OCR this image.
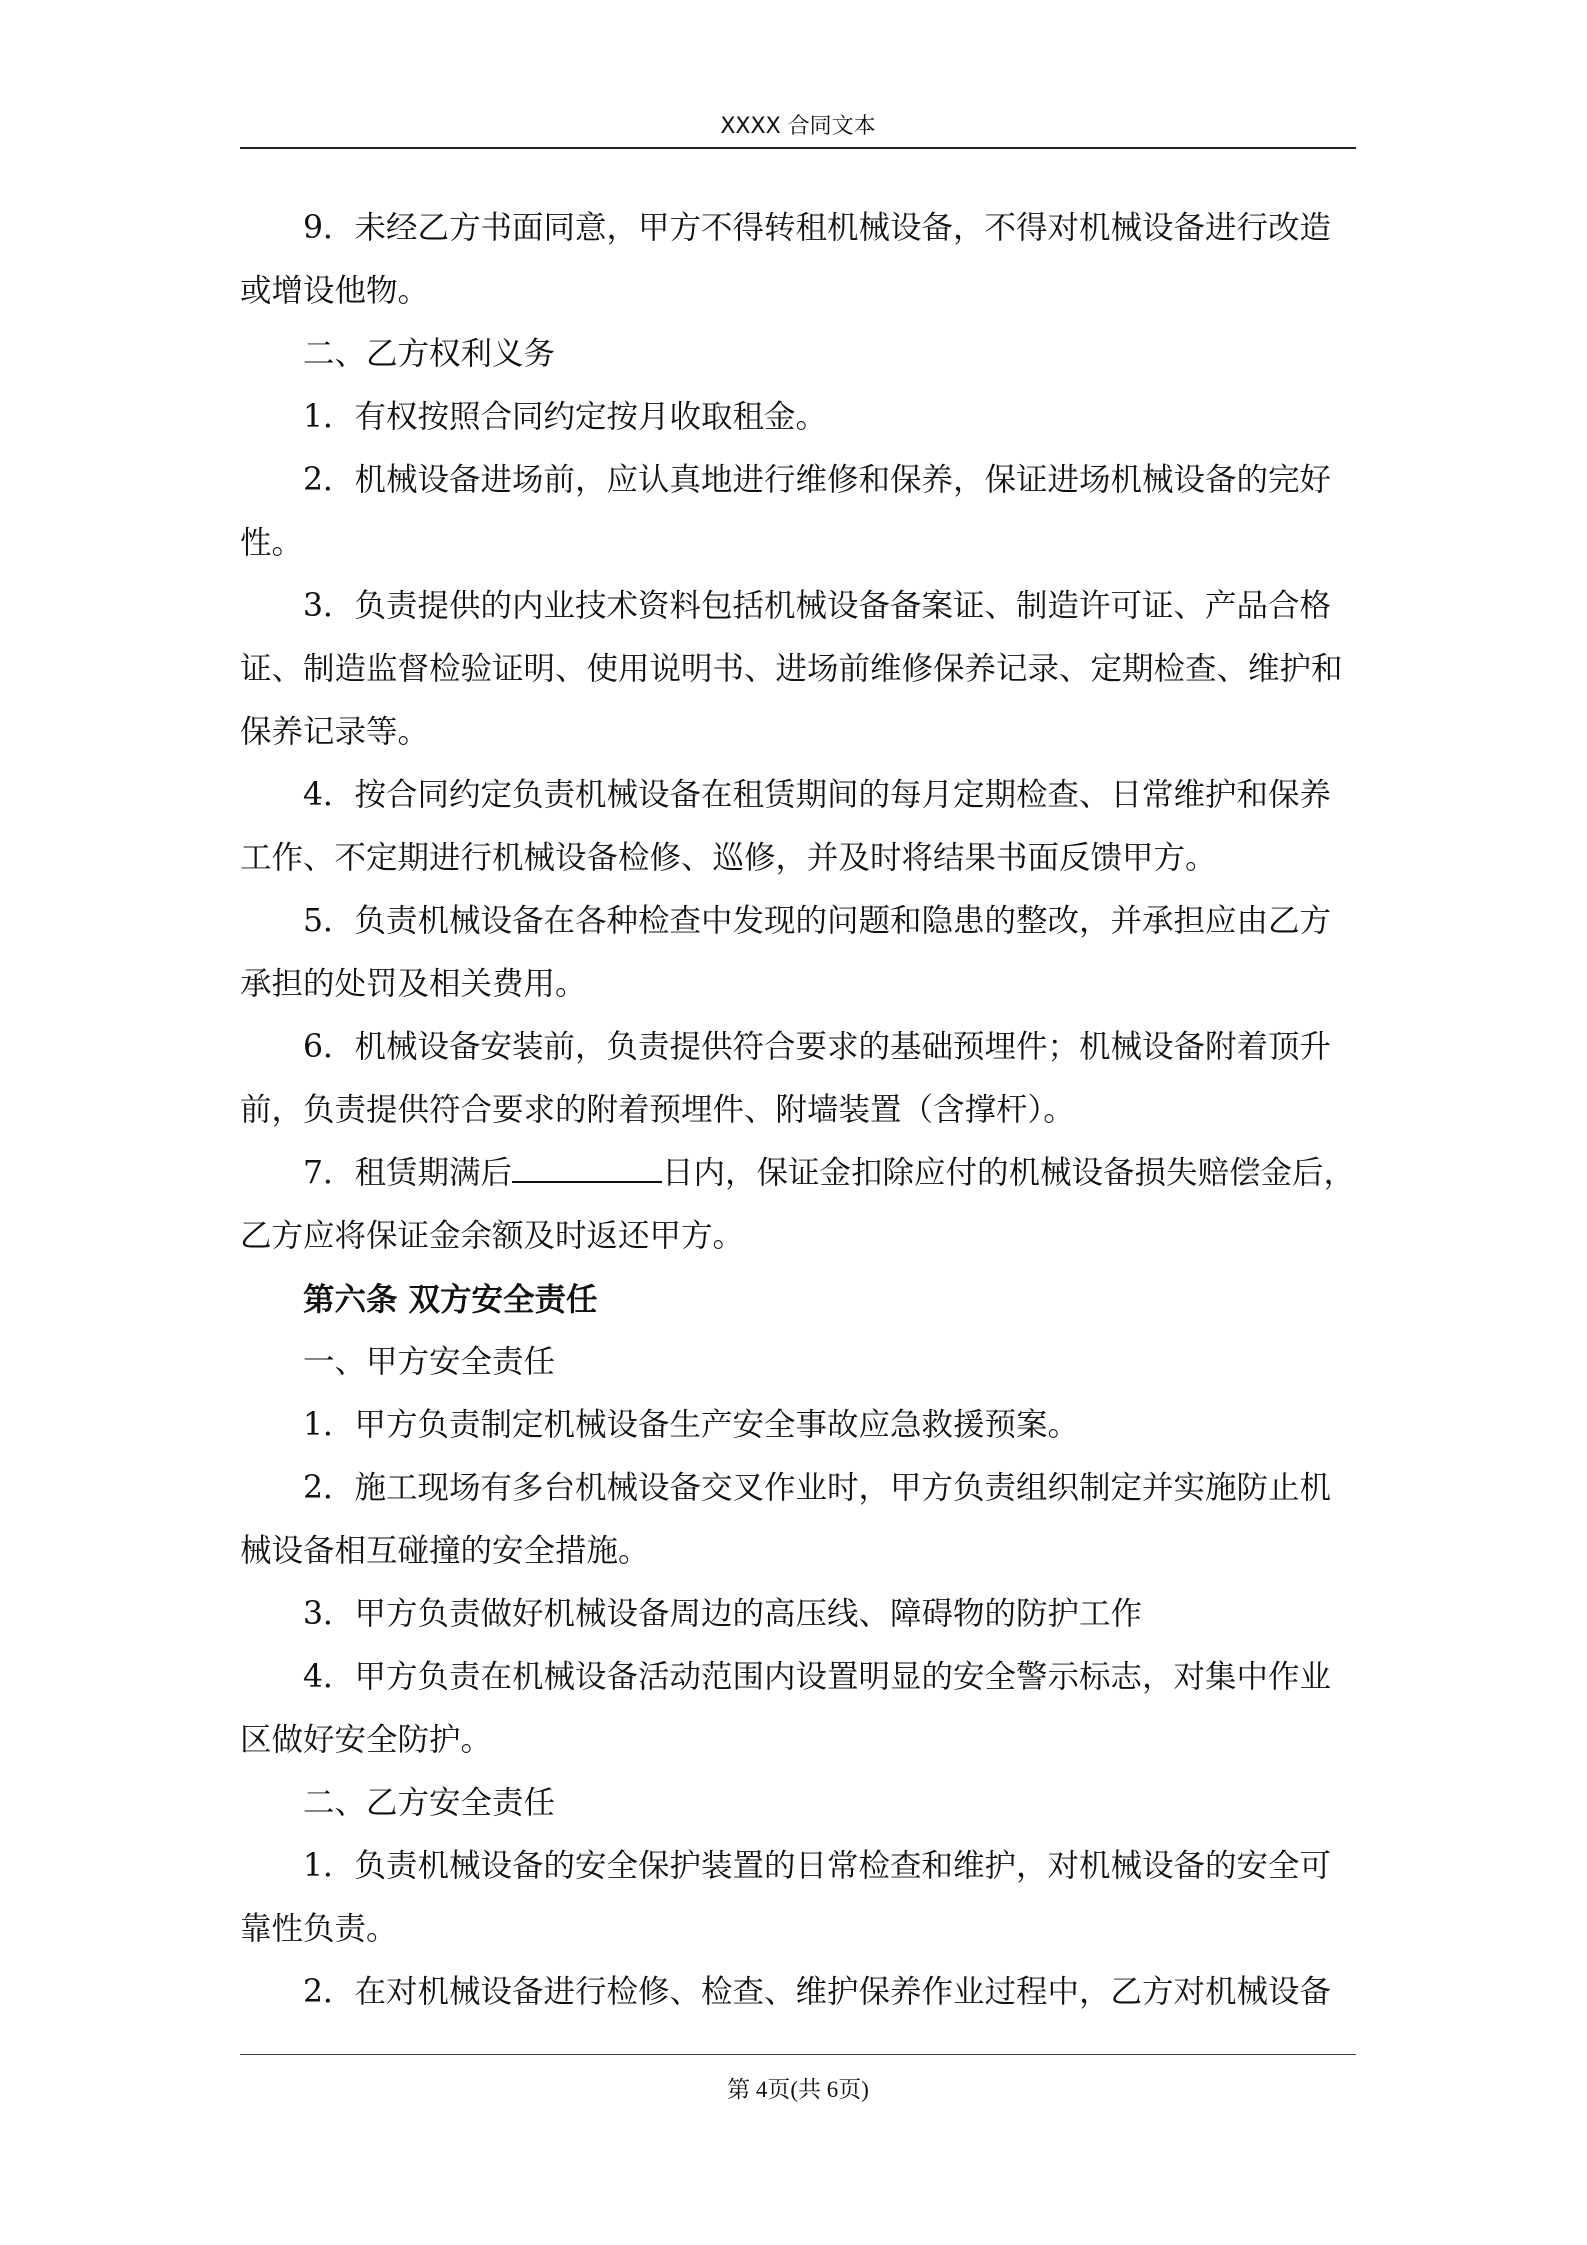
XXXX 合同文本

9．未经乙方书面同意，甲方不得转租机械设备，不得对机械设备进行改造或增设他物。

二、乙方权利义务

1．有权按照合同约定按月收取租金。

2．机械设备进场前，应认真地进行维修和保养，保证进场机械设备的完好性。

3．负责提供的内业技术资料包括机械设备备案证、制造许可证、产品合格证、制造监督检验证明、使用说明书、进场前维修保养记录、定期检查、维护和保养记录等。

4．按合同约定负责机械设备在租赁期间的每月定期检查、日常维护和保养工作、不定期进行机械设备检修、巡修，并及时将结果书面反馈甲方。

5．负责机械设备在各种检查中发现的问题和隐患的整改，并承担应由乙方承担的处罚及相关费用。

6．机械设备安装前，负责提供符合要求的基础预埋件；机械设备附着顶升前，负责提供符合要求的附着预埋件、附墙装置（含撑杆）。

7．租赁期满后	日内，保证金扣除应付的机械设备损失赔偿金后，乙方应将保证金余额及时返还甲方。

第六条 双方安全责任

一、甲方安全责任

1．甲方负责制定机械设备生产安全事故应急救援预案。

2．施工现场有多台机械设备交叉作业时，甲方负责组织制定并实施防止机械设备相互碰撞的安全措施。

3．甲方负责做好机械设备周边的高压线、障碍物的防护工作

4．甲方负责在机械设备活动范围内设置明显的安全警示标志，对集中作业区做好安全防护。

二、乙方安全责任

1．负责机械设备的安全保护装置的日常检查和维护，对机械设备的安全可靠性负责。

2．在对机械设备进行检修、检查、维护保养作业过程中，乙方对机械设备

第 4页(共 6页)
